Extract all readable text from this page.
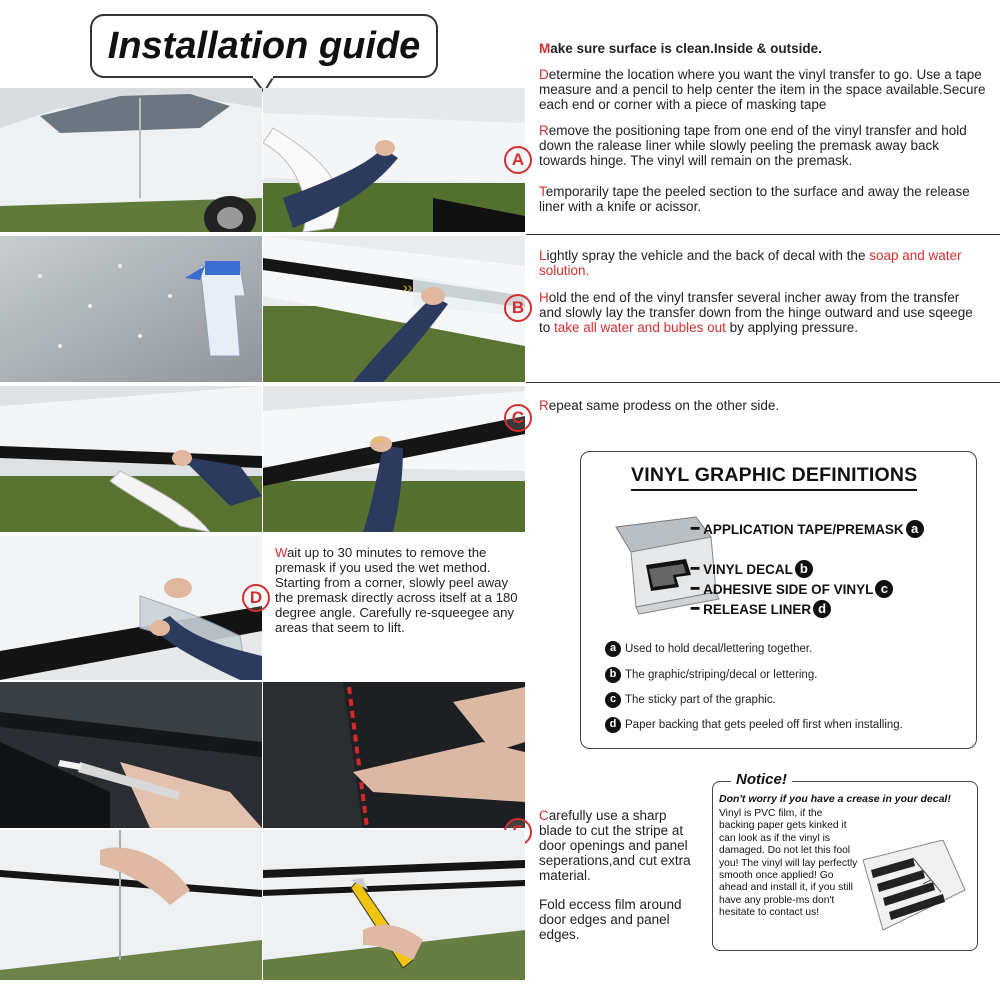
Installation guide
A

Make sure surface is clean.Inside & outside.

Determine the location where you want the vinyl transfer to go. Use a tape measure and a pencil to help center the item in the space available.Secure each end or corner with a piece of masking tape

Remove the positioning tape from one end of the vinyl transfer and hold down the ralease liner while slowly peeling the premask away back towards hinge. The vinyl will remain on the premask.

Temporarily tape the peeled section to the surface and away the release liner with a knife or acissor.

››
B

Lightly spray the vehicle and the back of decal with the soap and water solution.

Hold the end of the vinyl transfer several incher away from the transfer and slowly lay the transfer down from the hinge outward and use sqeege to take all water and bubles out by applying pressure.

››
C
Repeat same prodess on the other side.
D
Wait up to 30 minutes to remove the premask if you used the wet method. Starting from a corner, slowly peel away the premask directly across itself at a 180 degree angle. Carefully re-squeegee any areas that seem to lift.

Carefully use a sharp blade to cut the stripe at door openings and panel seperations,and cut extra material.

Fold eccess film around door edges and panel edges.

VINYL GRAPHIC DEFINITIONS
━ APPLICATION TAPE/PREMASK a
━ VINYL DECAL b
━ ADHESIVE SIDE OF VINYL c
━ RELEASE LINER d
a Used to hold decal/lettering together.
b The graphic/striping/decal or lettering.
c The sticky part of the graphic.
d Paper backing that gets peeled off first when installing.
Notice!
Don't worry if you have a crease in your decal!
Vinyl is PVC film, if the backing paper gets kinked it can look as if the vinyl is damaged. Do not let this fool you! The vinyl will lay perfectly smooth once applied! Go ahead and install it, if you still have any proble-ms don't hesitate to contact us!
